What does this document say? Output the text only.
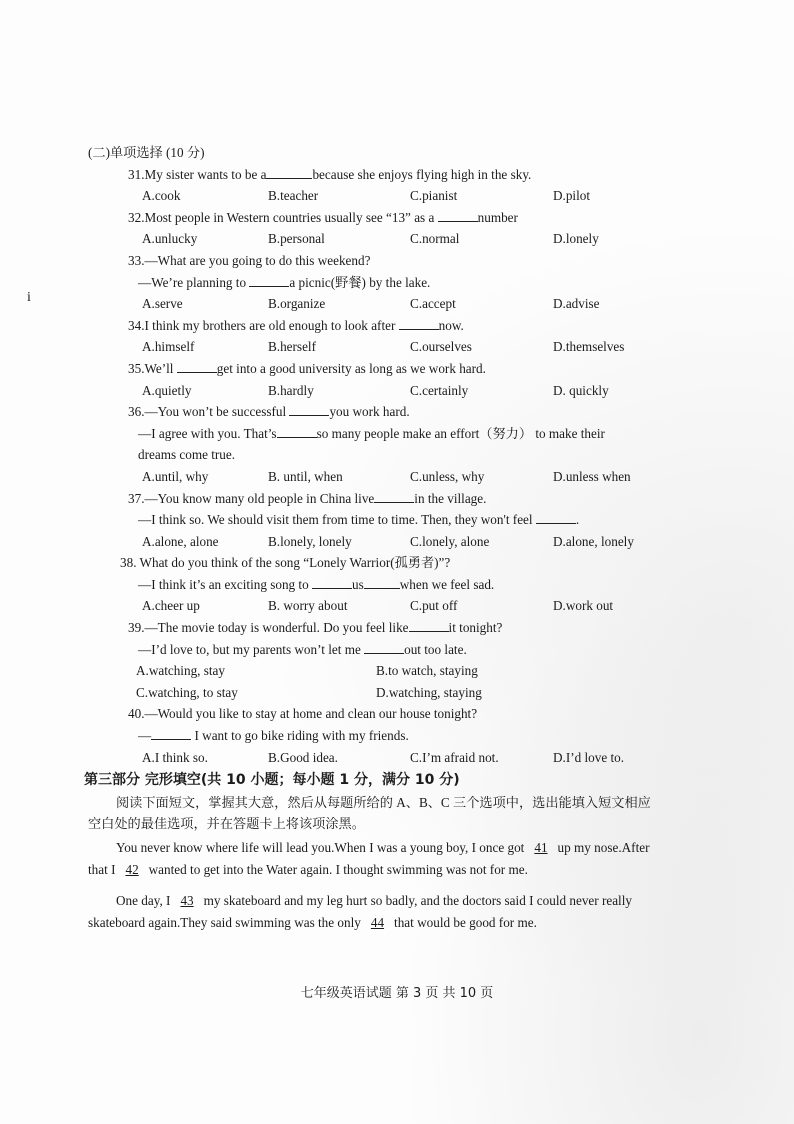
i
(二)单项选择 (10 分)
31.My sister wants to be a	because she enjoys flying high in the sky.
A.cook	B.teacher	C.pianist	D.pilot
32.Most people in Western countries usually see “13” as a	number
A.unlucky	B.personal	C.normal	D.lonely
33.—What are you going to do this weekend?
—We’re planning to	a picnic(野餐) by the lake.
A.serve	B.organize	C.accept	D.advise
34.I think my brothers are old enough to look after	now.
A.himself	B.herself	C.ourselves	D.themselves
35.We’ll	get into a good university as long as we work hard.
A.quietly	B.hardly	C.certainly	D. quickly
36.—You won’t be successful	you work hard.
—I agree with you. That’s	so many people make an effort（努力） to make their
dreams come true.
A.until, why	B. until, when	C.unless, why	D.unless when
37.—You know many old people in China live	in the village.
—I think so. We should visit them from time to time. Then, they won't feel	.
A.alone, alone	B.lonely, lonely	C.lonely, alone	D.alone, lonely
38. What do you think of the song “Lonely Warrior(孤勇者)”?
—I think it’s an exciting song to	us	when we feel sad.
A.cheer up	B. worry about	C.put off	D.work out
39.—The movie today is wonderful. Do you feel like	it tonight?
—I’d love to, but my parents won’t let me	out too late.
A.watching, stay	B.to watch, staying
C.watching, to stay	D.watching, staying
40.—Would you like to stay at home and clean our house tonight?
—	I want to go bike riding with my friends.
A.I think so.	B.Good idea.	C.I’m afraid not.	D.I’d love to.
第三部分 完形填空(共 10 小题；每小题 1 分，满分 10 分)
阅读下面短文，掌握其大意，然后从每题所给的 A、B、C 三个选项中，选出能填入短文相应空白处的最佳选项，并在答题卡上将该项涂黑。
You never know where life will lead you.When I was a young boy, I once got 41 up my nose.After that I 42 wanted to get into the Water again. I thought swimming was not for me.
One day, I 43 my skateboard and my leg hurt so badly, and the doctors said I could never really skateboard again.They said swimming was the only 44 that would be good for me.
七年级英语试题 第 3 页 共 10 页
